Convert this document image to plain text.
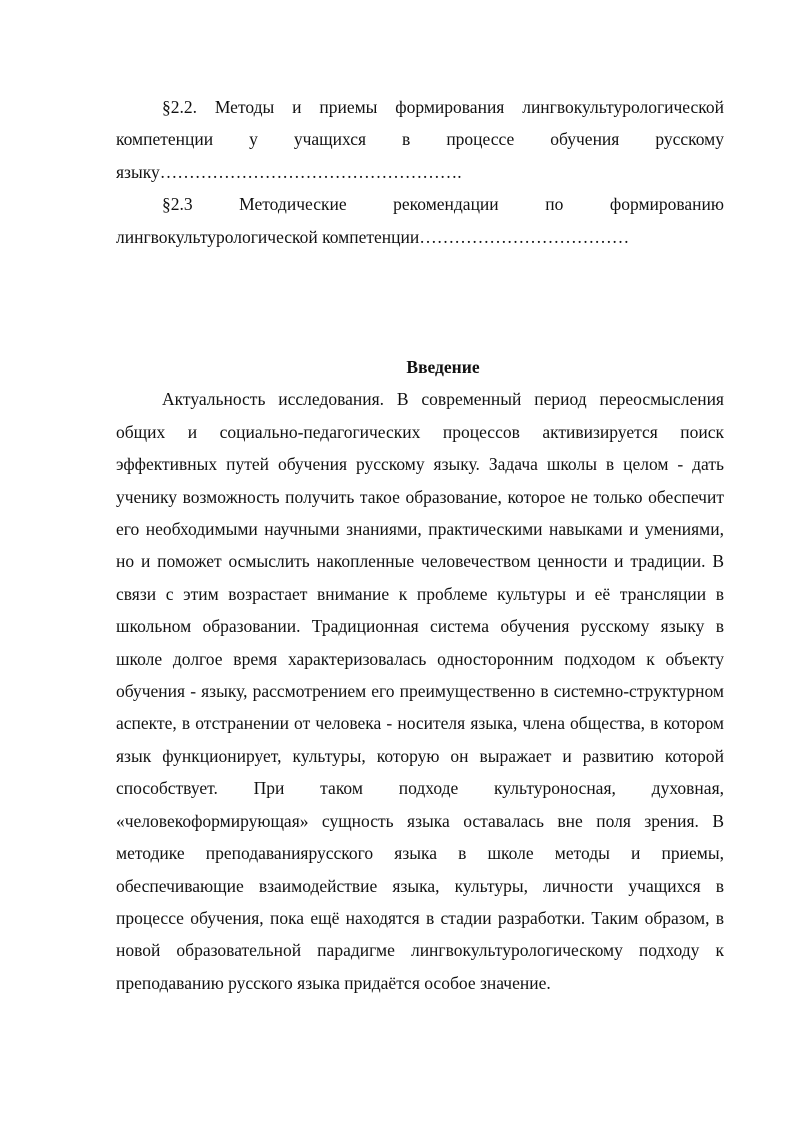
§2.2. Методы и приемы формирования лингвокультурологической компетенции у учащихся в процессе обучения русскому языку…………………………………………….

§2.3 Методические рекомендации по формированию лингвокультурологической компетенции………………………………

Введение

Актуальность исследования. В современный период переосмысления общих и социально-педагогических процессов активизируется поиск эффективных путей обучения русскому языку. Задача школы в целом - дать ученику возможность получить такое образование, которое не только обеспечит его необходимыми научными знаниями, практическими навыками и умениями, но и поможет осмыслить накопленные человечеством ценности и традиции. В связи с этим возрастает внимание к проблеме культуры и её трансляции в школьном образовании. Традиционная система обучения русскому языку в школе долгое время характеризовалась односторонним подходом к объекту обучения - языку, рассмотрением его преимущественно в системно-структурном аспекте, в отстранении от человека - носителя языка, члена общества, в котором язык функционирует, культуры, которую он выражает и развитию которой способствует. При таком подходе культуроносная, духовная, «человекоформирующая» сущность языка оставалась вне поля зрения. В методике преподаванияруcского языка в школе методы и приемы, обеспечивающие взаимодействие языка, культуры, личности учащихся в процессе обучения, пока ещё находятся в стадии разработки. Таким образом, в новой образовательной парадигме лингвокультурологическому подходу к преподаванию русского языка придаётся особое значение.
